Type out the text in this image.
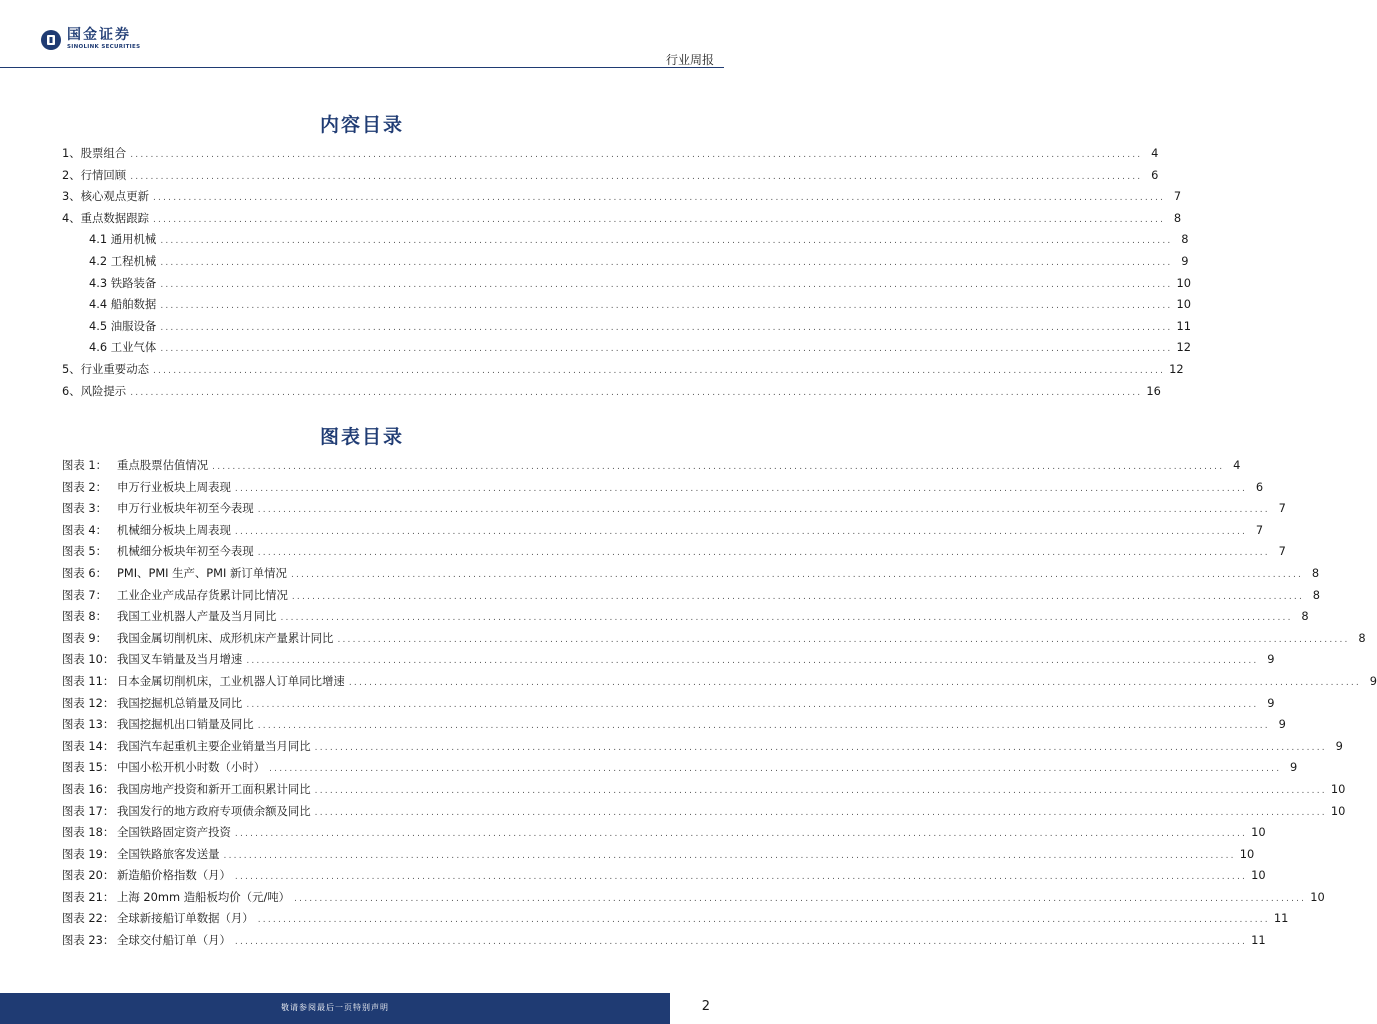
国金证券
SINOLINK SECURITIES
行业周报
内容目录
1、股票组合 ........................................................................................................................................................................................................ 4
2、行情回顾 ........................................................................................................................................................................................................ 6
3、核心观点更新 ........................................................................................................................................................................................................ 7
4、重点数据跟踪 ........................................................................................................................................................................................................ 8
4.1 通用机械 ........................................................................................................................................................................................................ 8
4.2 工程机械 ........................................................................................................................................................................................................ 9
4.3 铁路装备 ........................................................................................................................................................................................................ 10
4.4 船舶数据 ........................................................................................................................................................................................................ 10
4.5 油服设备 ........................................................................................................................................................................................................ 11
4.6 工业气体 ........................................................................................................................................................................................................ 12
5、行业重要动态 ........................................................................................................................................................................................................ 12
6、风险提示 ........................................................................................................................................................................................................ 16
图表目录
图表 1： 重点股票估值情况 ........................................................................................................................................................................................................ 4
图表 2： 申万行业板块上周表现 ........................................................................................................................................................................................................ 6
图表 3： 申万行业板块年初至今表现 ........................................................................................................................................................................................................ 7
图表 4： 机械细分板块上周表现 ........................................................................................................................................................................................................ 7
图表 5： 机械细分板块年初至今表现 ........................................................................................................................................................................................................ 7
图表 6： PMI、PMI 生产、PMI 新订单情况 ........................................................................................................................................................................................................ 8
图表 7： 工业企业产成品存货累计同比情况 ........................................................................................................................................................................................................ 8
图表 8： 我国工业机器人产量及当月同比 ........................................................................................................................................................................................................ 8
图表 9： 我国金属切削机床、成形机床产量累计同比 ........................................................................................................................................................................................................ 8
图表 10： 我国叉车销量及当月增速 ........................................................................................................................................................................................................ 9
图表 11： 日本金属切削机床，工业机器人订单同比增速 ........................................................................................................................................................................................................ 9
图表 12： 我国挖掘机总销量及同比 ........................................................................................................................................................................................................ 9
图表 13： 我国挖掘机出口销量及同比 ........................................................................................................................................................................................................ 9
图表 14： 我国汽车起重机主要企业销量当月同比 ........................................................................................................................................................................................................ 9
图表 15： 中国小松开机小时数（小时） ........................................................................................................................................................................................................ 9
图表 16： 我国房地产投资和新开工面积累计同比 ........................................................................................................................................................................................................ 10
图表 17： 我国发行的地方政府专项债余额及同比 ........................................................................................................................................................................................................ 10
图表 18： 全国铁路固定资产投资 ........................................................................................................................................................................................................ 10
图表 19： 全国铁路旅客发送量 ........................................................................................................................................................................................................ 10
图表 20： 新造船价格指数（月） ........................................................................................................................................................................................................ 10
图表 21： 上海 20mm 造船板均价（元/吨） ........................................................................................................................................................................................................ 10
图表 22： 全球新接船订单数据（月） ........................................................................................................................................................................................................ 11
图表 23： 全球交付船订单（月） ........................................................................................................................................................................................................ 11
敬请参阅最后一页特别声明	2
